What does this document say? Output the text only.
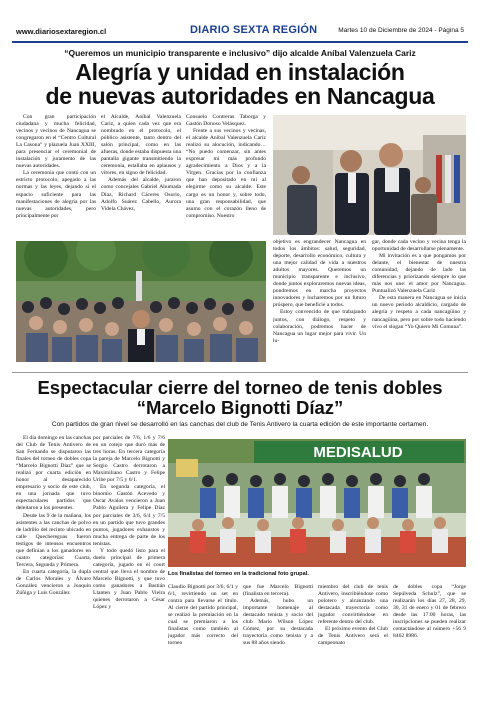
www.diariosextaregion.cl	DIARIO SEXTA REGIÓN	Martes 10 de Diciembre de 2024 - Página 5
“Queremos un municipio transparente e inclusivo” dijo alcalde Aníbal Valenzuela Cariz
Alegría y unidad en instalación
de nuevas autoridades en Nancagua

Con gran participación ciudadana y mucha felicidad, vecinos y vecinos de Nancagua se congregaron en el “Centro Cultural La Casona” y plazuela Juan XXIII, para presenciar el ceremonial de instalación y juramento de las nuevas autoridades.

La ceremonia que contó con un estricto protocolo, apegado a las normas y las leyes, dejando sí el espacio suficiente para las manifestaciones de alegría por las nuevas autoridades, pero principalmente por

el Alcalde, Aníbal Valenzuela Cariz, a quien cada vez que era nombrado en el protocolo, el público asistente, tanto dentro del salón principal, como en las afueras, donde estaba dispuesta una pantalla gigante transmitiendo la ceremonia, estallaba en aplausos y vítores, en signo de felicidad.

Además del alcalde, juraron como concejales Gabriel Ahumada Díaz, Richard Cáceres Osorio, Adolfo Suárez Cabello, Aurora Videla Chávez,

Consuelo Contreras Taborga y Gastón Donoso Velásquez.

Frente a sus vecinos y vecinas, el alcalde Aníbal Valenzuela Cariz realizó su alocución, indicando… “No puedo comenzar, sin antes expresar mi más profundo agradecimiento a Dios y a la Virgen. Gracias por la confianza que han depositado en mí al elegirme como su alcalde. Este cargo es un honor y, sobre todo, una gran responsabilidad, que asumo con el corazón lleno de compromiso. Nuestro

objetivo es engrandecer Nancagua en todos los ámbitos: salud, seguridad, deporte, desarrollo económico, cultura y una mejor calidad de vida a nuestros adultos mayores. Queremos un municipio transparente e inclusivo, donde juntos exploraremos nuevas ideas, pondremos en marcha proyectos innovadores y lucharemos por un futuro próspero, que beneficie a todos.

Estoy convencido de que trabajando juntos, con diálogo, respeto y colaboración, podremos hacer de Nancagua un lugar mejor para vivir. Un lu-

gar, donde cada vecino y vecina tenga la oportunidad de desarrollarse plenamente.

Mi invitación es a que pongamos por delante, el bienestar de nuestra comunidad, dejando de lado las diferencias y priorizando siempre lo que más nos une: el amor por Nancagua. Puntualizó Valenzuela Cariz

De esta manera en Nancagua se inicia un nuevo periodo alcaldicio, cargado de alegría y respeto a cada nancagüino y nancagüina, pero por sobre todo haciendo vivo el slogan “Yo Quiero Mi Comuna”.

Espectacular cierre del torneo de tenis dobles
“Marcelo Bignotti Díaz”
Con partidos de gran nivel se desarrolló en las canchas del club de Tenis Antivero la cuarta edición de este importante certamen.

El día domingo en las canchas del Club de Tenis Antivero de San Fernando se disputaron las finales del torneo de dobles copa “Marcelo Bignotti Díaz” que se realizó por cuarta edición en honor al desaparecido empresario y socio de este club, en una jornada que tuvo espectaculares partidos que deleitaron a los presentes.

Desde las 9 de la mañana, los asistentes a las canchas de polvo de ladrillo del recinto ubicado en calle Quechereguas fueron testigos de intensos encuentros que definían a los ganadores en cuatro categorías: Cuarta, Tercera, Segunda y Primera.

En cuarta categoría, la dupla de Carlos Morales y Álvaro González vencieron a Joaquín Zúñiga y Luis González

por parciales de 7/6, 1/6 y 7/6 en un cotejo que duró más de tres horas. En tercera categoría la pareja de Marcelo Bignotti y Sergio Castro derrotaron a Maximiliano Castro y Felipe Uribe por 7/5 y 6/1.

En segunda categoría, el binomio Gastón Acevedo y Oscar Avalos vencieron a Juan Pablo Aguilera y Felipe Díaz por parciales de 3/6, 6/4 y 7/5 en un partido que tuvo grandes puntos, jugadores exhaustos y mucha entrega de parte de los tenistas.

Y todo quedó listo para el duelo principal de primera categoría, jugado en el court central que lleva el nombre de Marcelo Bignotti, y que tuvo como ganadores a Bastián Llanten y Juan Pablo Vieira quienes derrotaron a César López y

MEDISALUD
Los finalistas del torneo en la tradicional foto grupal.

Claudio Bignotti por 3/6, 6/1 y 6/1, revirtiendo un set en contra para llevarse el título. Al cierre del partido principal, se realizó la premiación en la cual se premiaron a los finalistas como también al jugador más correcto del torneo

que fue Marcelo Bignotti (finalista en tercera).

Además, hubo un importante homenaje al destacado tenista y socio del club Mario Wilson López Gómez, por su destacada trayectoria como tenista y a sus 88 años siendo

miembro del club de tenis Antivero, inscribiéndose como polotero y alcanzando una destacada trayectoria como jugador convirtiéndose en referente dentro del club.

El próximo evento del Club de Tenis Antivero será el campeonato

de dobles copa “Jorge Sepúlveda Schulz”, que se realizarán los días 27, 28, 29, 30, 31 de enero y 01 de febrero desde las 17:00 horas, las inscripciones se pueden realizar contactándose al número +56 9 8462 8986.
